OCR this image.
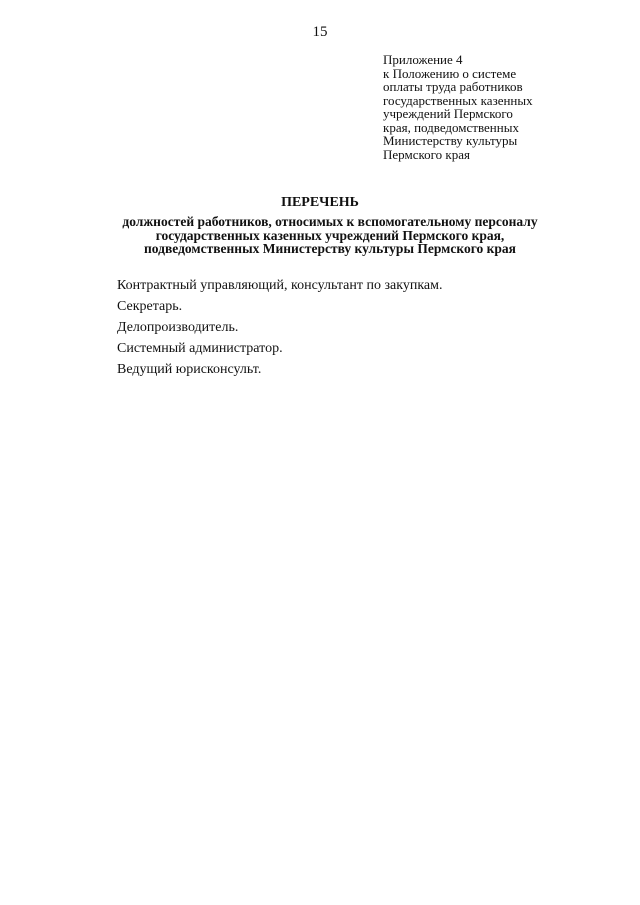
15
Приложение 4
к Положению о системе
оплаты труда работников
государственных казенных
учреждений Пермского
края, подведомственных
Министерству культуры
Пермского края
ПЕРЕЧЕНЬ
должностей работников, относимых к вспомогательному персоналу
государственных казенных учреждений Пермского края,
подведомственных Министерству культуры Пермского края
Контрактный управляющий, консультант по закупкам.
Секретарь.
Делопроизводитель.
Системный администратор.
Ведущий юрисконсульт.
